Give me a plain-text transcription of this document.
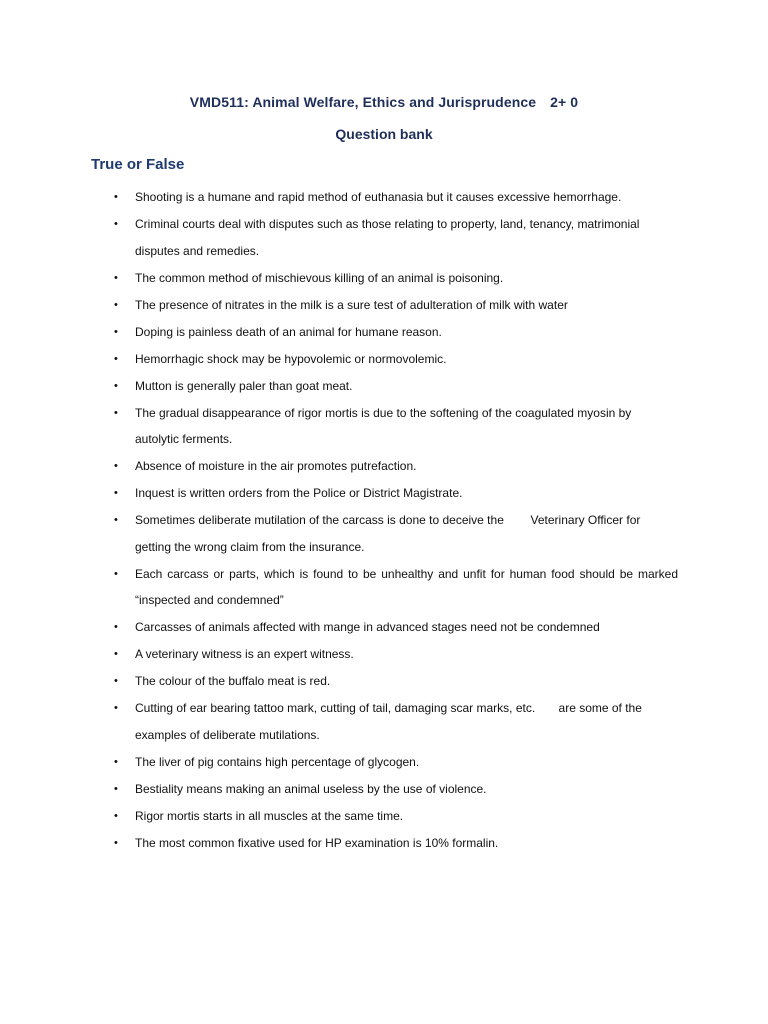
VMD511: Animal Welfare, Ethics and Jurisprudence 2+ 0
Question bank
True or False
• Shooting is a humane and rapid method of euthanasia but it causes excessive hemorrhage.
• Criminal courts deal with disputes such as those relating to property, land, tenancy, matrimonial disputes and remedies.
• The common method of mischievous killing of an animal is poisoning.
• The presence of nitrates in the milk is a sure test of adulteration of milk with water
• Doping is painless death of an animal for humane reason.
• Hemorrhagic shock may be hypovolemic or normovolemic.
• Mutton is generally paler than goat meat.
• The gradual disappearance of rigor mortis is due to the softening of the coagulated myosin by autolytic ferments.
• Absence of moisture in the air promotes putrefaction.
• Inquest is written orders from the Police or District Magistrate.
• Sometimes deliberate mutilation of the carcass is done to deceive the        Veterinary Officer for getting the wrong claim from the insurance.
• Each carcass or parts, which is found to be unhealthy and unfit for human food should be marked “inspected and condemned”
• Carcasses of animals affected with mange in advanced stages need not be condemned
• A veterinary witness is an expert witness.
• The colour of the buffalo meat is red.
• Cutting of ear bearing tattoo mark, cutting of tail, damaging scar marks, etc.       are some of the examples of deliberate mutilations.
• The liver of pig contains high percentage of glycogen.
• Bestiality means making an animal useless by the use of violence.
• Rigor mortis starts in all muscles at the same time.
• The most common fixative used for HP examination is 10% formalin.
